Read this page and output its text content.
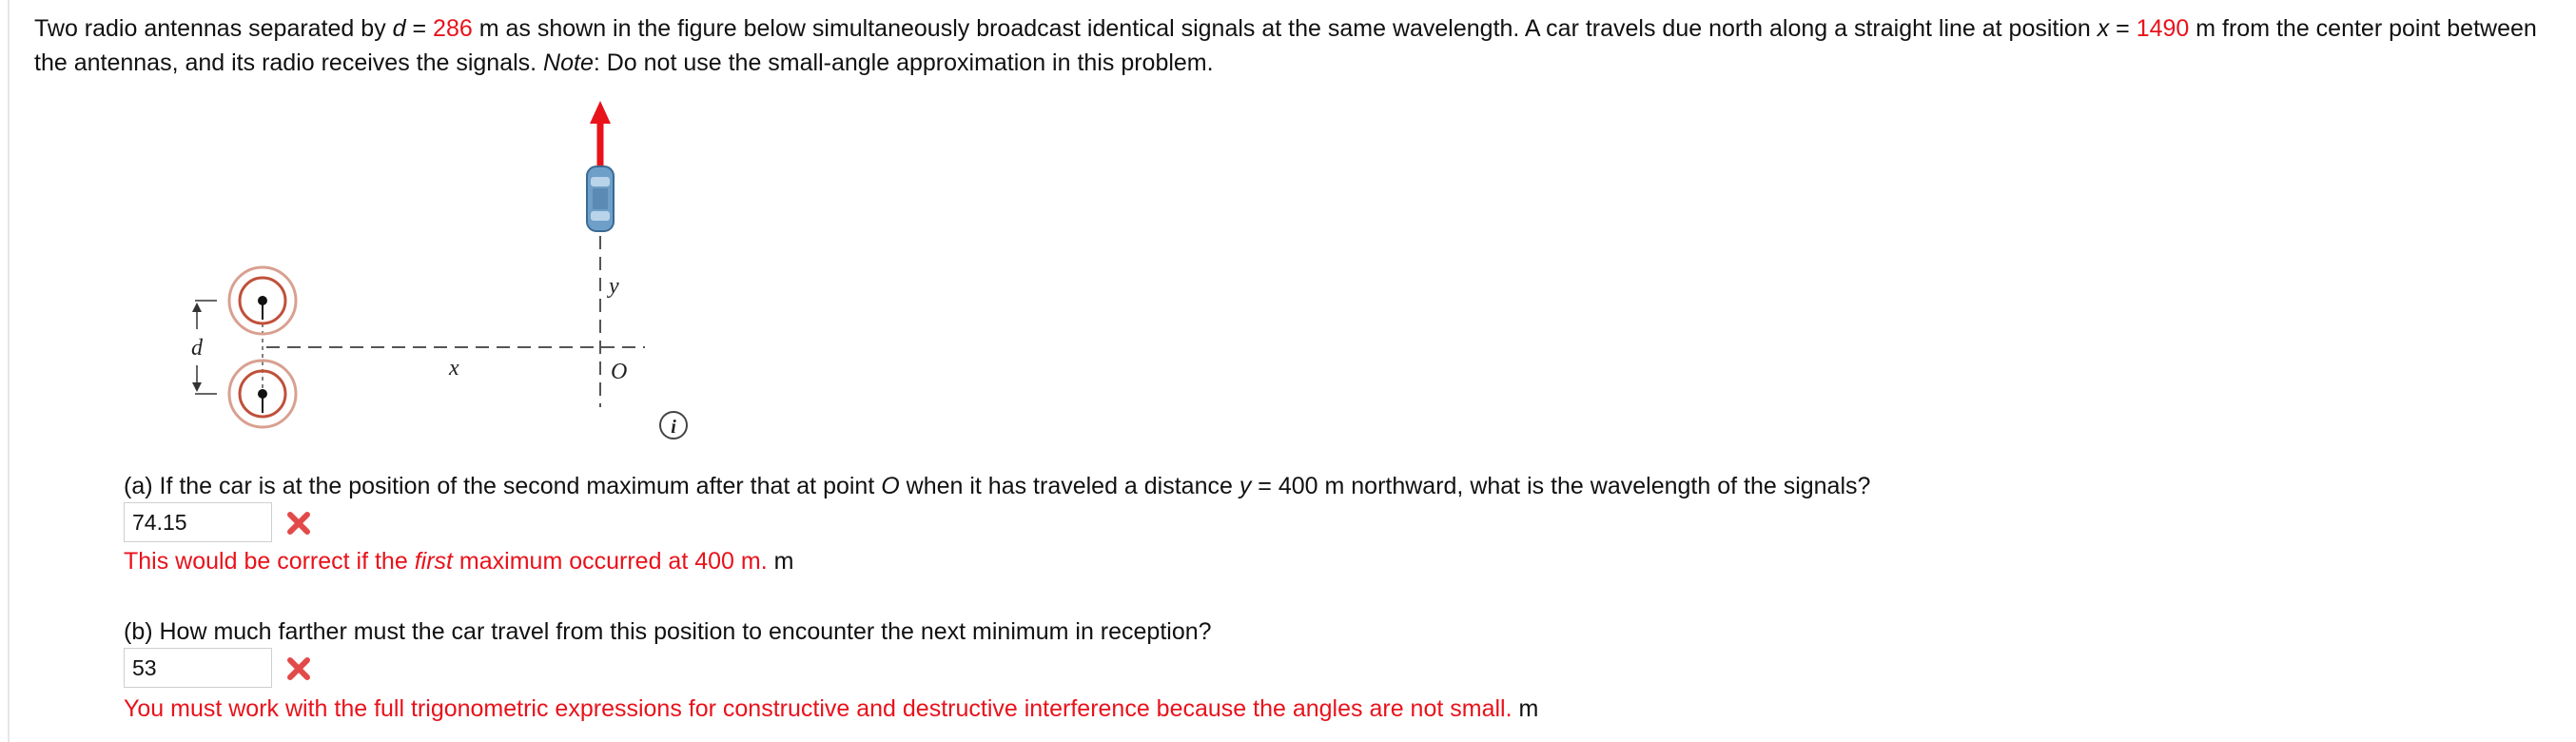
Two radio antennas separated by d = 286 m as shown in the figure below simultaneously broadcast identical signals at the same wavelength. A car travels due north along a straight line at position x = 1490 m from the center point between the antennas, and its radio receives the signals. Note: Do not use the small-angle approximation in this problem.
d
x
y
O
i
(a) If the car is at the position of the second maximum after that at point O when it has traveled a distance y = 400 m northward, what is the wavelength of the signals?
74.15
This would be correct if the first maximum occurred at 400 m. m
(b) How much farther must the car travel from this position to encounter the next minimum in reception?
53
You must work with the full trigonometric expressions for constructive and destructive interference because the angles are not small. m
